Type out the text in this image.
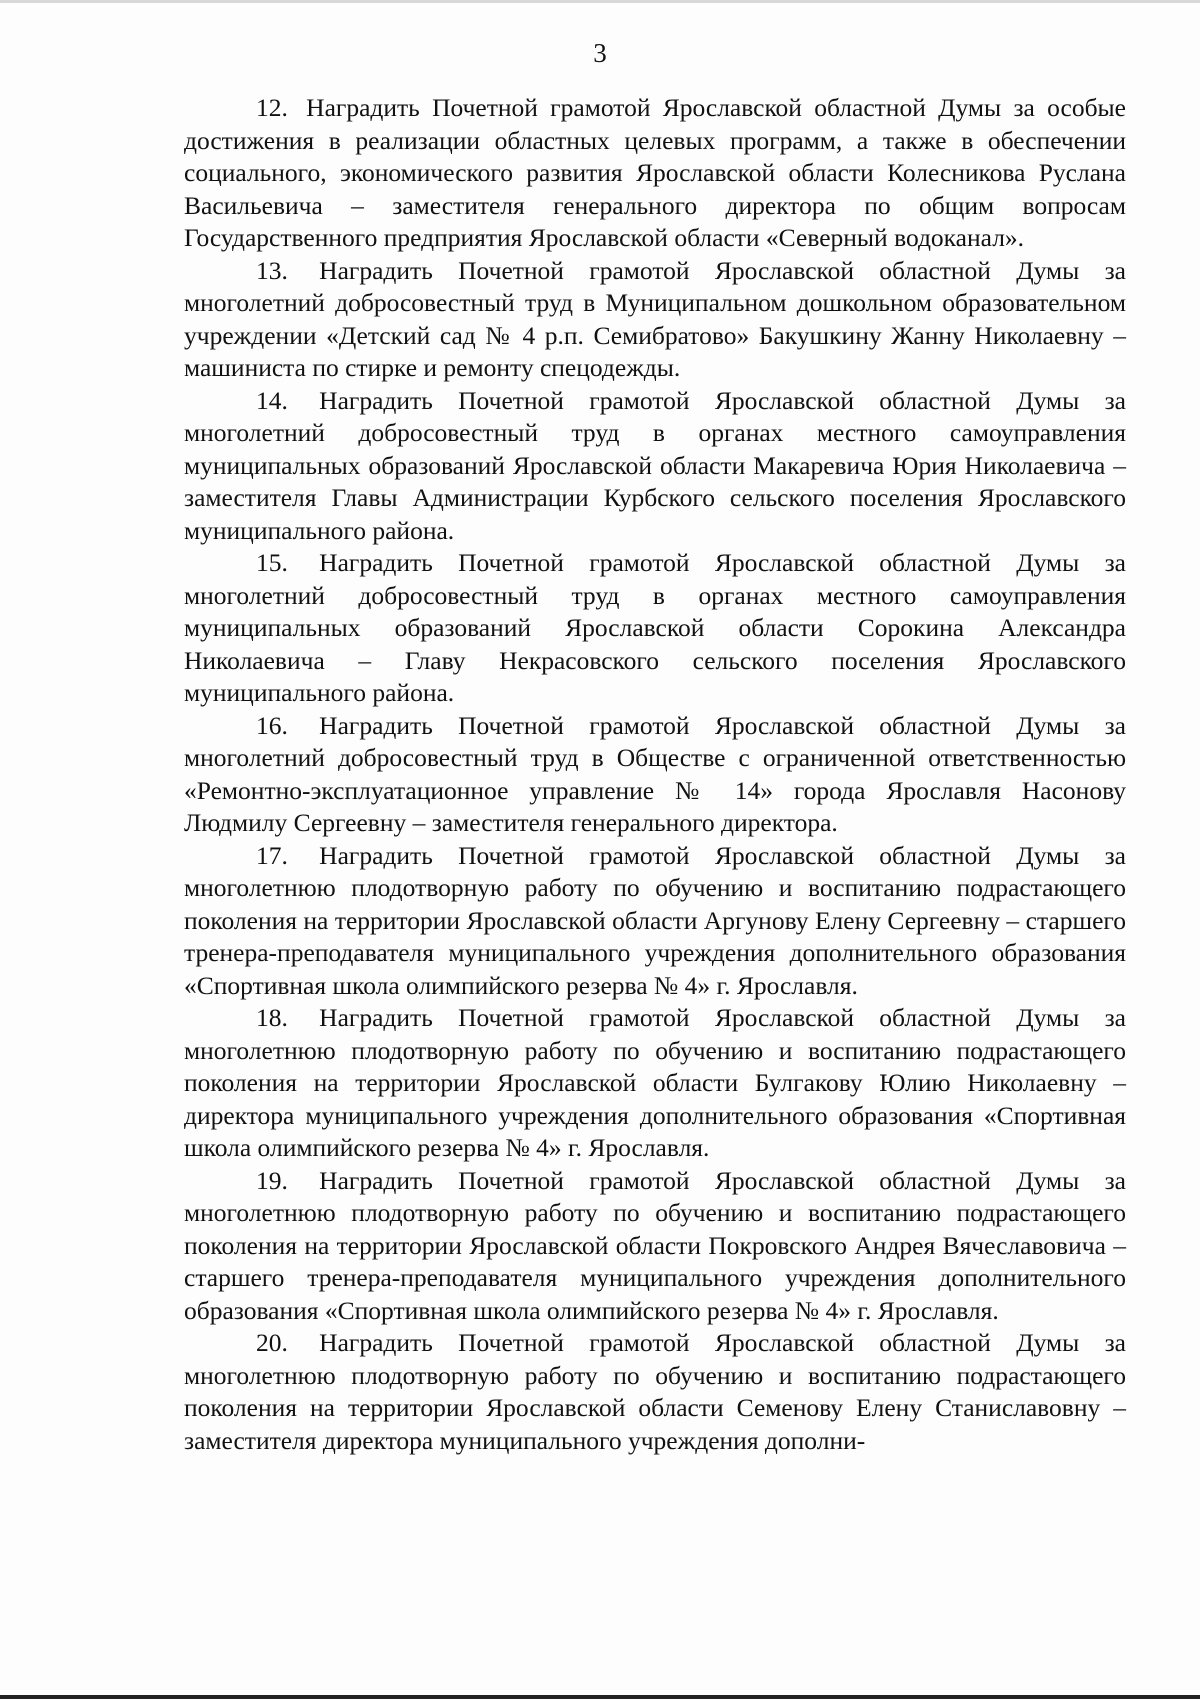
3

12. Наградить Почетной грамотой Ярославской областной Думы за особые достижения в реализации областных целевых программ, а также в обеспечении социального, экономического развития Ярославской области Колесникова Руслана Васильевича – заместителя генерального директора по общим вопросам Государственного предприятия Ярославской области «Северный водоканал».

13. Наградить Почетной грамотой Ярославской областной Думы за многолетний добросовестный труд в Муниципальном дошкольном образовательном учреждении «Детский сад № 4 р.п. Семибратово» Бакушкину Жанну Николаевну – машиниста по стирке и ремонту спецодежды.

14. Наградить Почетной грамотой Ярославской областной Думы за многолетний добросовестный труд в органах местного самоуправления муниципальных образований Ярославской области Макаревича Юрия Николаевича – заместителя Главы Администрации Курбского сельского поселения Ярославского муниципального района.

15. Наградить Почетной грамотой Ярославской областной Думы за многолетний добросовестный труд в органах местного самоуправления муниципальных образований Ярославской области Сорокина Александра Николаевича – Главу Некрасовского сельского поселения Ярославского муниципального района.

16. Наградить Почетной грамотой Ярославской областной Думы за многолетний добросовестный труд в Обществе с ограниченной ответственностью «Ремонтно-эксплуатационное управление № 14» города Ярославля Насонову Людмилу Сергеевну – заместителя генерального директора.

17. Наградить Почетной грамотой Ярославской областной Думы за многолетнюю плодотворную работу по обучению и воспитанию подрастающего поколения на территории Ярославской области Аргунову Елену Сергеевну – старшего тренера-преподавателя муниципального учреждения дополнительного образования «Спортивная школа олимпийского резерва № 4» г. Ярославля.

18. Наградить Почетной грамотой Ярославской областной Думы за многолетнюю плодотворную работу по обучению и воспитанию подрастающего поколения на территории Ярославской области Булгакову Юлию Николаевну – директора муниципального учреждения дополнительного образования «Спортивная школа олимпийского резерва № 4» г. Ярославля.

19. Наградить Почетной грамотой Ярославской областной Думы за многолетнюю плодотворную работу по обучению и воспитанию подрастающего поколения на территории Ярославской области Покровского Андрея Вячеславовича – старшего тренера-преподавателя муниципального учреждения дополнительного образования «Спортивная школа олимпийского резерва № 4» г. Ярославля.

20. Наградить Почетной грамотой Ярославской областной Думы за многолетнюю плодотворную работу по обучению и воспитанию подрастающего поколения на территории Ярославской области Семенову Елену Станиславовну – заместителя директора муниципального учреждения дополни-
